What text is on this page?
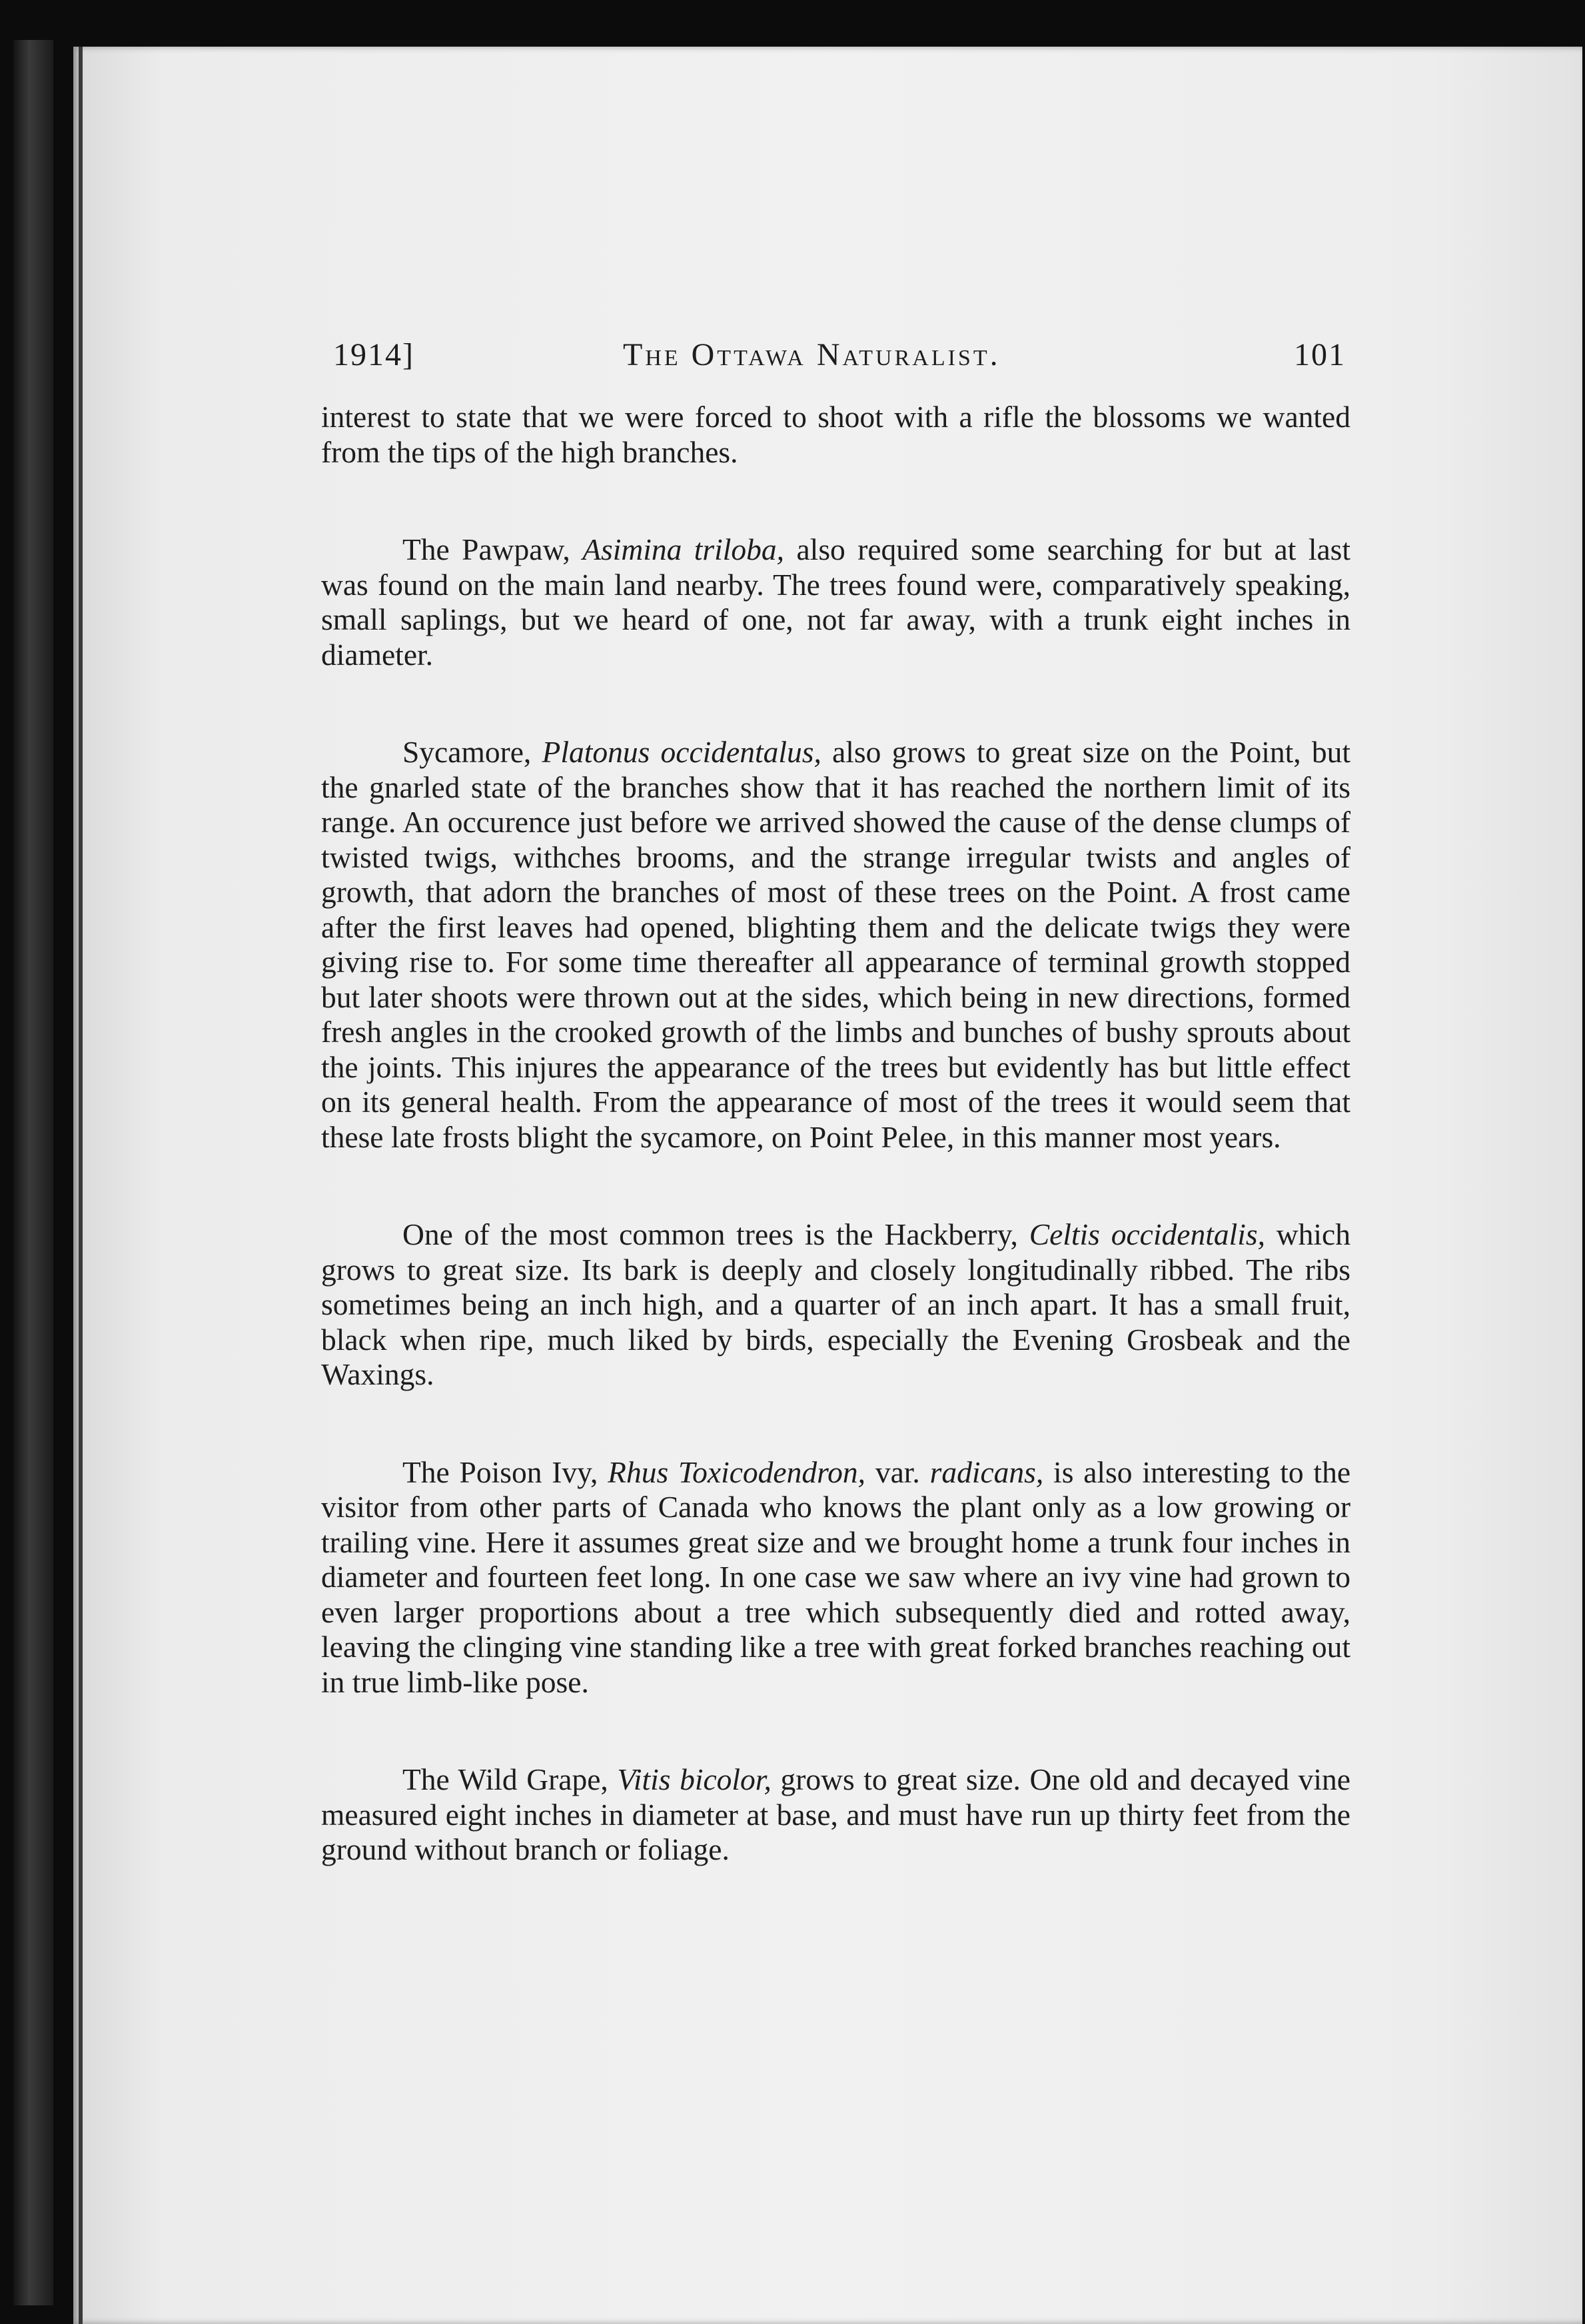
1914]	The Ottawa Naturalist.	101

interest to state that we were forced to shoot with a rifle the blossoms we wanted from the tips of the high branches.

The Pawpaw, Asimina triloba, also required some searching for but at last was found on the main land nearby. The trees found were, comparatively speaking, small saplings, but we heard of one, not far away, with a trunk eight inches in diameter.

Sycamore, Platonus occidentalus, also grows to great size on the Point, but the gnarled state of the branches show that it has reached the northern limit of its range. An occurence just before we arrived showed the cause of the dense clumps of twisted twigs, withches brooms, and the strange irregular twists and angles of growth, that adorn the branches of most of these trees on the Point. A frost came after the first leaves had opened, blighting them and the delicate twigs they were giving rise to. For some time thereafter all appearance of terminal growth stopped but later shoots were thrown out at the sides, which being in new directions, formed fresh angles in the crooked growth of the limbs and bunches of bushy sprouts about the joints. This injures the appearance of the trees but evidently has but little effect on its general health. From the appearance of most of the trees it would seem that these late frosts blight the sycamore, on Point Pelee, in this manner most years.

One of the most common trees is the Hackberry, Celtis occidentalis, which grows to great size. Its bark is deeply and closely longitudinally ribbed. The ribs sometimes being an inch high, and a quarter of an inch apart. It has a small fruit, black when ripe, much liked by birds, especially the Evening Grosbeak and the Waxings.

The Poison Ivy, Rhus Toxicodendron, var. radicans, is also interesting to the visitor from other parts of Canada who knows the plant only as a low growing or trailing vine. Here it assumes great size and we brought home a trunk four inches in diameter and fourteen feet long. In one case we saw where an ivy vine had grown to even larger proportions about a tree which subsequently died and rotted away, leaving the clinging vine standing like a tree with great forked branches reaching out in true limb-like pose.

The Wild Grape, Vitis bicolor, grows to great size. One old and decayed vine measured eight inches in diameter at base, and must have run up thirty feet from the ground without branch or foliage.
